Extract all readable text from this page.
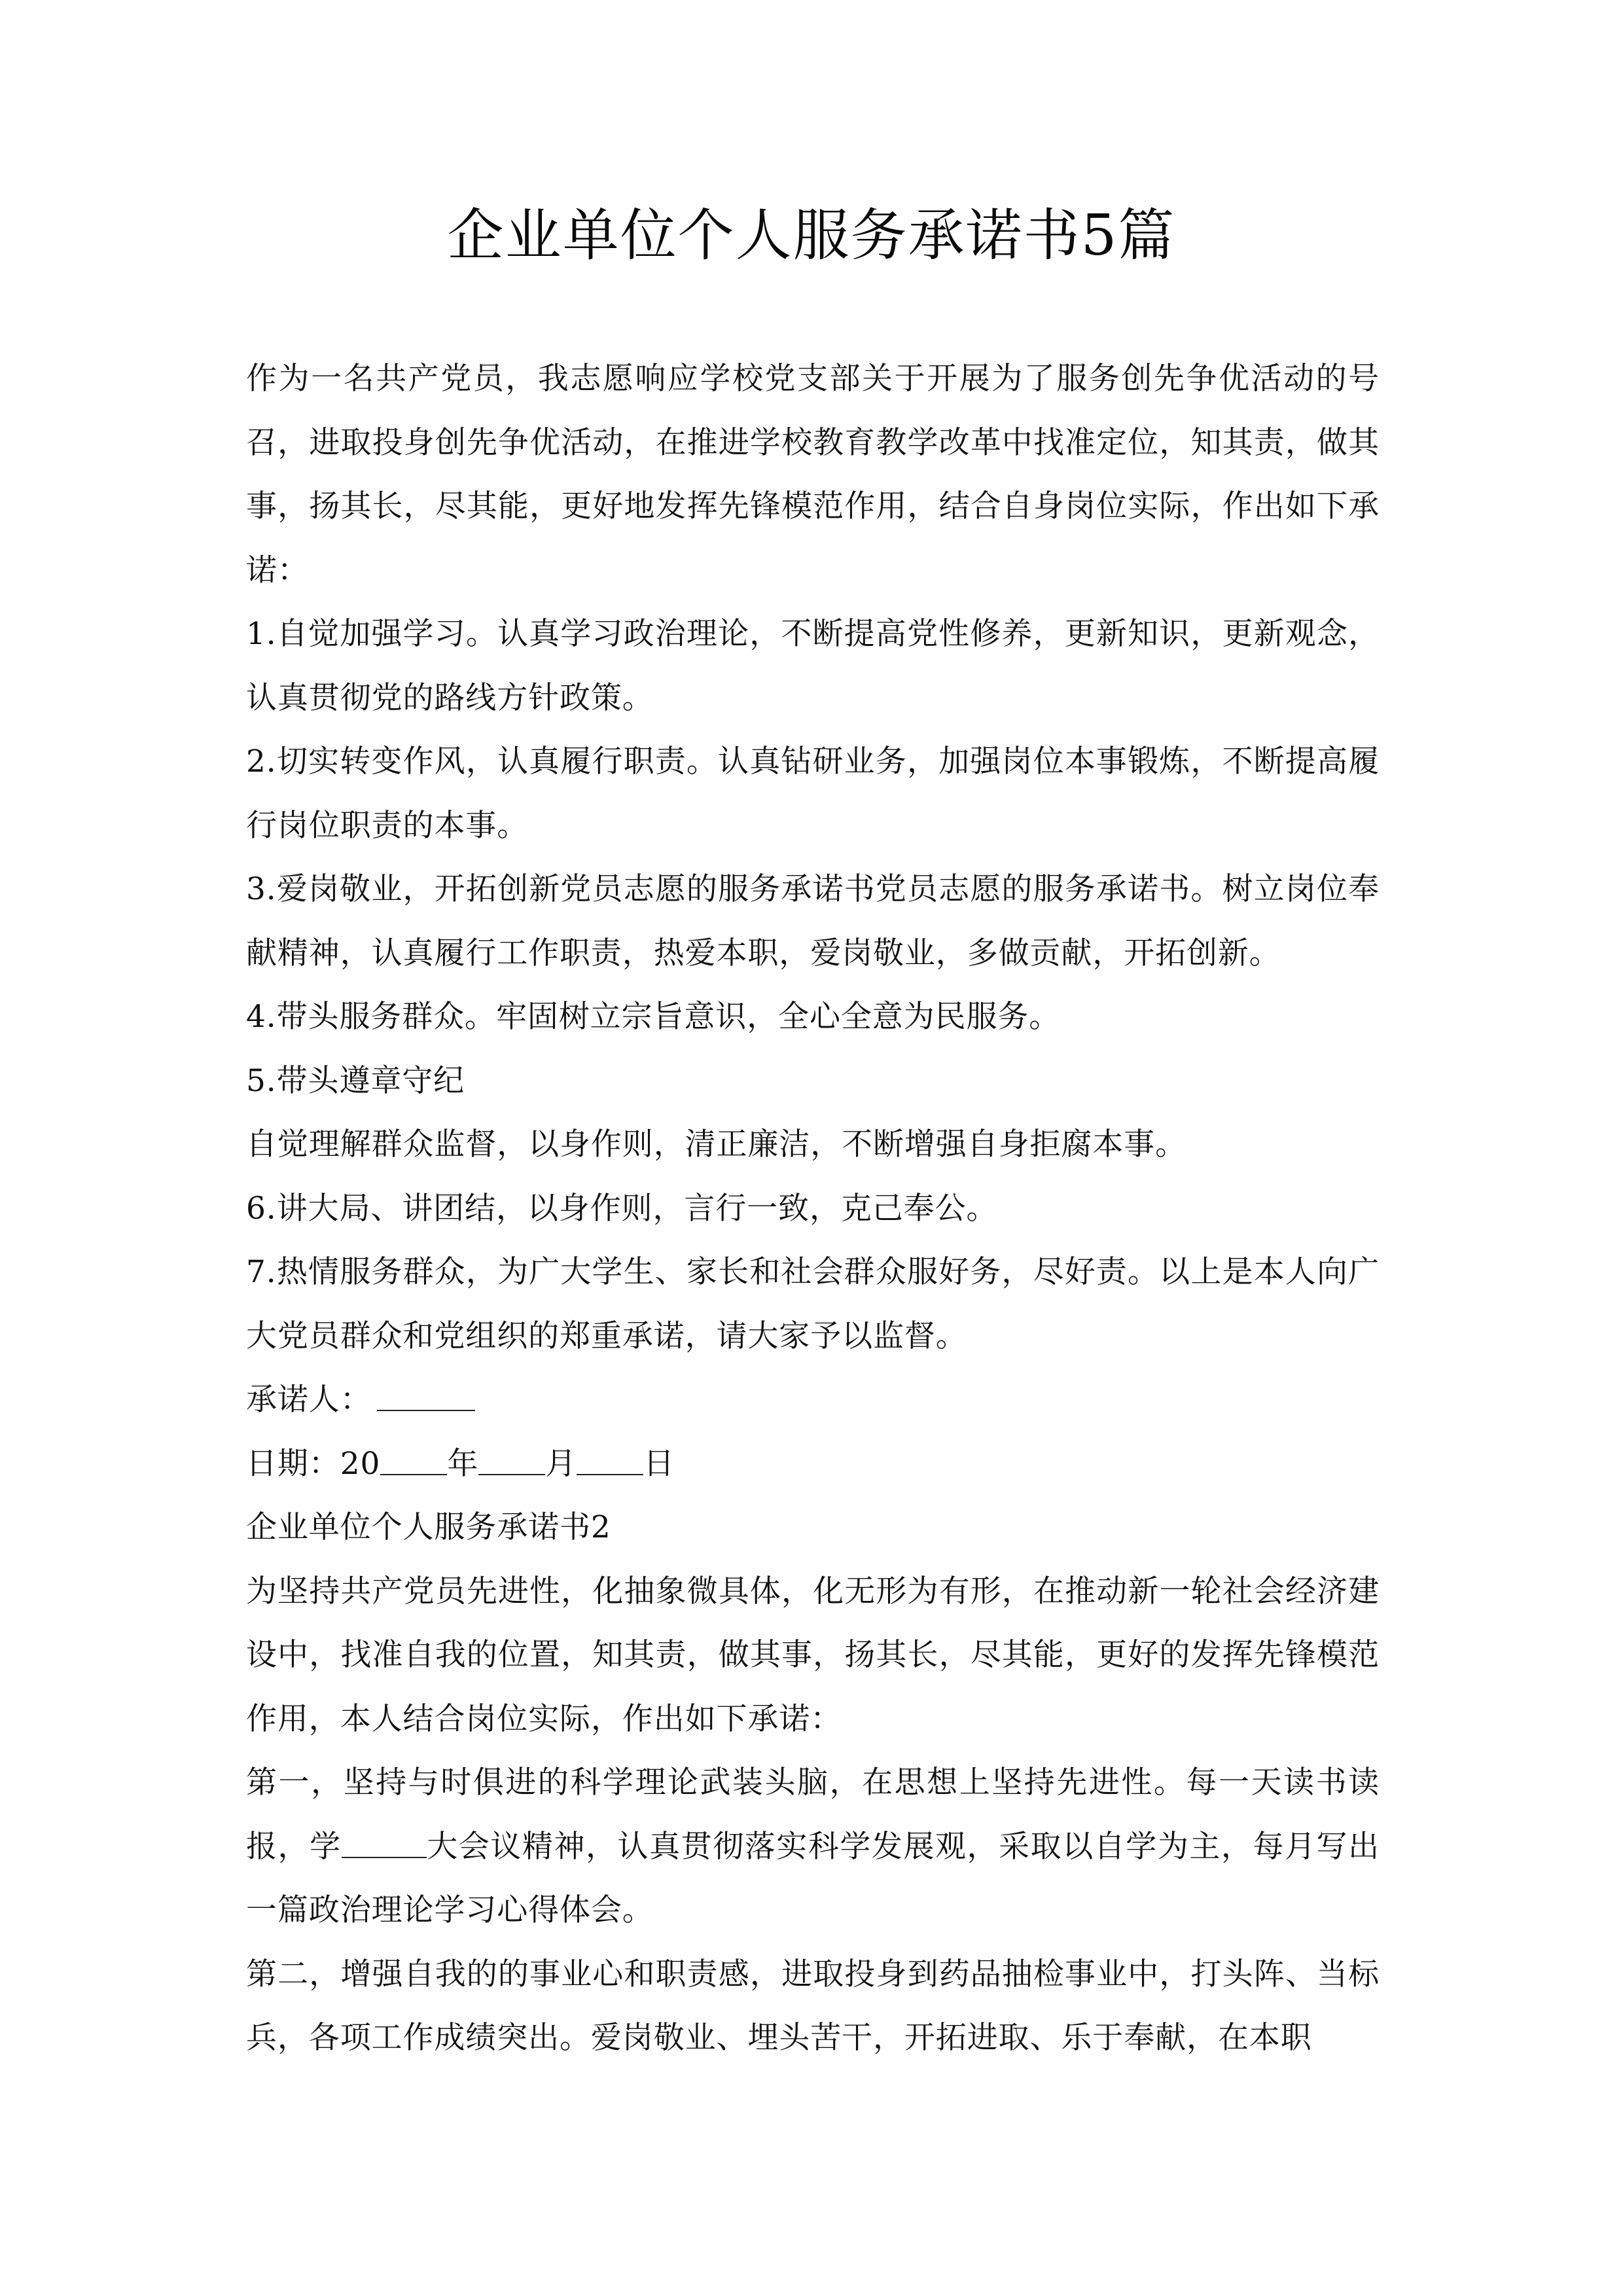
企业单位个人服务承诺书5篇

作为一名共产党员，我志愿响应学校党支部关于开展为了服务创先争优活动的号召，进取投身创先争优活动，在推进学校教育教学改革中找准定位，知其责，做其事，扬其长，尽其能，更好地发挥先锋模范作用，结合自身岗位实际，作出如下承诺：

1.自觉加强学习。认真学习政治理论，不断提高党性修养，更新知识，更新观念，认真贯彻党的路线方针政策。

2.切实转变作风，认真履行职责。认真钻研业务，加强岗位本事锻炼，不断提高履行岗位职责的本事。

3.爱岗敬业，开拓创新党员志愿的服务承诺书党员志愿的服务承诺书。树立岗位奉献精神，认真履行工作职责，热爱本职，爱岗敬业，多做贡献，开拓创新。

4.带头服务群众。牢固树立宗旨意识，全心全意为民服务。

5.带头遵章守纪

自觉理解群众监督，以身作则，清正廉洁，不断增强自身拒腐本事。

6.讲大局、讲团结，以身作则，言行一致，克己奉公。

7.热情服务群众，为广大学生、家长和社会群众服好务，尽好责。以上是本人向广大党员群众和党组织的郑重承诺，请大家予以监督。

承诺人：

日期：20 年 月 日

企业单位个人服务承诺书2

为坚持共产党员先进性，化抽象微具体，化无形为有形，在推动新一轮社会经济建设中，找准自我的位置，知其责，做其事，扬其长，尽其能，更好的发挥先锋模范作用，本人结合岗位实际，作出如下承诺：

第一，坚持与时俱进的科学理论武装头脑，在思想上坚持先进性。每一天读书读报，学	大会议精神，认真贯彻落实科学发展观，采取以自学为主，每月写出一篇政治理论学习心得体会。

第二，增强自我的的事业心和职责感，进取投身到药品抽检事业中，打头阵、当标兵，各项工作成绩突出。爱岗敬业、埋头苦干，开拓进取、乐于奉献，在本职
